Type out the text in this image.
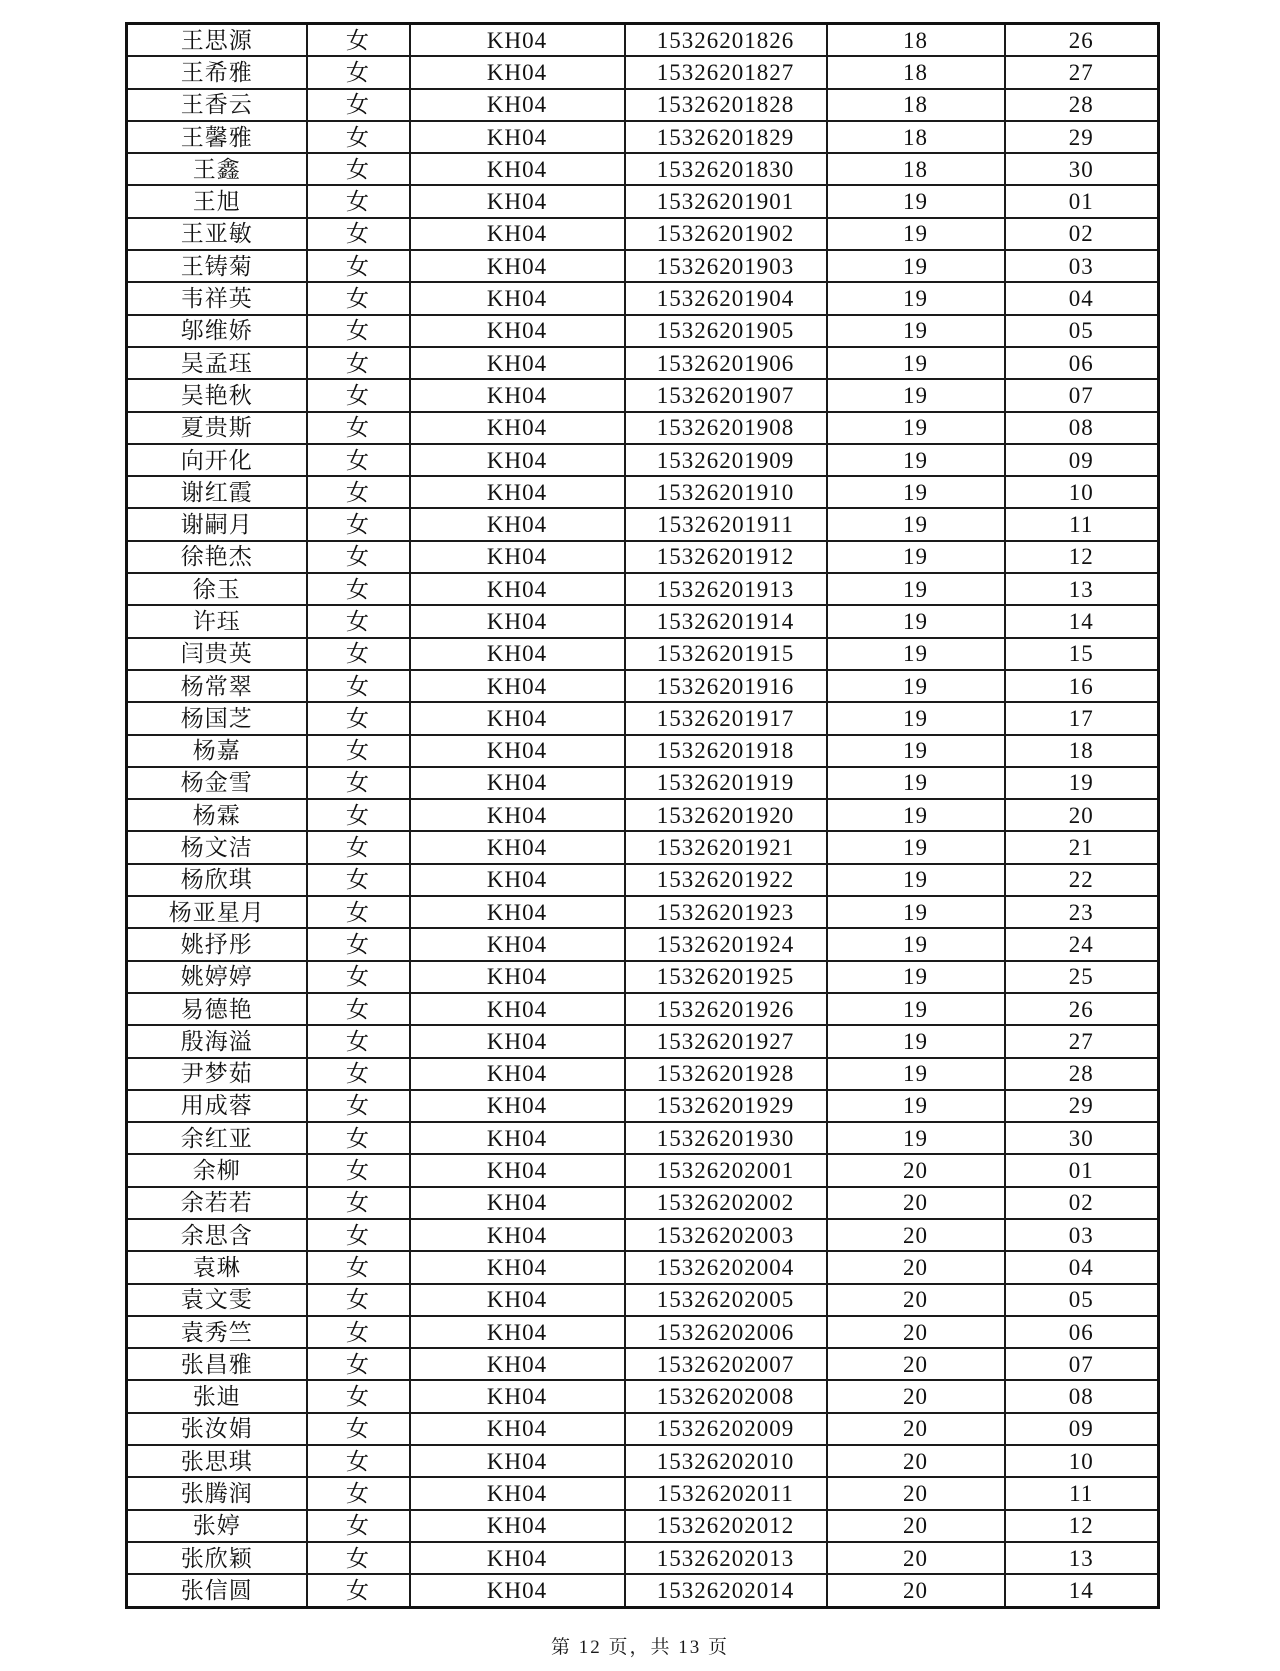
王思源	女	KH04	15326201826	18	26
王希雅	女	KH04	15326201827	18	27
王香云	女	KH04	15326201828	18	28
王馨雅	女	KH04	15326201829	18	29
王鑫	女	KH04	15326201830	18	30
王旭	女	KH04	15326201901	19	01
王亚敏	女	KH04	15326201902	19	02
王铸菊	女	KH04	15326201903	19	03
韦祥英	女	KH04	15326201904	19	04
邬维娇	女	KH04	15326201905	19	05
吴孟珏	女	KH04	15326201906	19	06
吴艳秋	女	KH04	15326201907	19	07
夏贵斯	女	KH04	15326201908	19	08
向开化	女	KH04	15326201909	19	09
谢红霞	女	KH04	15326201910	19	10
谢嗣月	女	KH04	15326201911	19	11
徐艳杰	女	KH04	15326201912	19	12
徐玉	女	KH04	15326201913	19	13
许珏	女	KH04	15326201914	19	14
闫贵英	女	KH04	15326201915	19	15
杨常翠	女	KH04	15326201916	19	16
杨国芝	女	KH04	15326201917	19	17
杨嘉	女	KH04	15326201918	19	18
杨金雪	女	KH04	15326201919	19	19
杨霖	女	KH04	15326201920	19	20
杨文洁	女	KH04	15326201921	19	21
杨欣琪	女	KH04	15326201922	19	22
杨亚星月	女	KH04	15326201923	19	23
姚抒彤	女	KH04	15326201924	19	24
姚婷婷	女	KH04	15326201925	19	25
易德艳	女	KH04	15326201926	19	26
殷海溢	女	KH04	15326201927	19	27
尹梦茹	女	KH04	15326201928	19	28
用成蓉	女	KH04	15326201929	19	29
余红亚	女	KH04	15326201930	19	30
余柳	女	KH04	15326202001	20	01
余若若	女	KH04	15326202002	20	02
余思含	女	KH04	15326202003	20	03
袁琳	女	KH04	15326202004	20	04
袁文雯	女	KH04	15326202005	20	05
袁秀竺	女	KH04	15326202006	20	06
张昌雅	女	KH04	15326202007	20	07
张迪	女	KH04	15326202008	20	08
张汝娟	女	KH04	15326202009	20	09
张思琪	女	KH04	15326202010	20	10
张腾润	女	KH04	15326202011	20	11
张婷	女	KH04	15326202012	20	12
张欣颖	女	KH04	15326202013	20	13
张信圆	女	KH04	15326202014	20	14
第 12 页，共 13 页
